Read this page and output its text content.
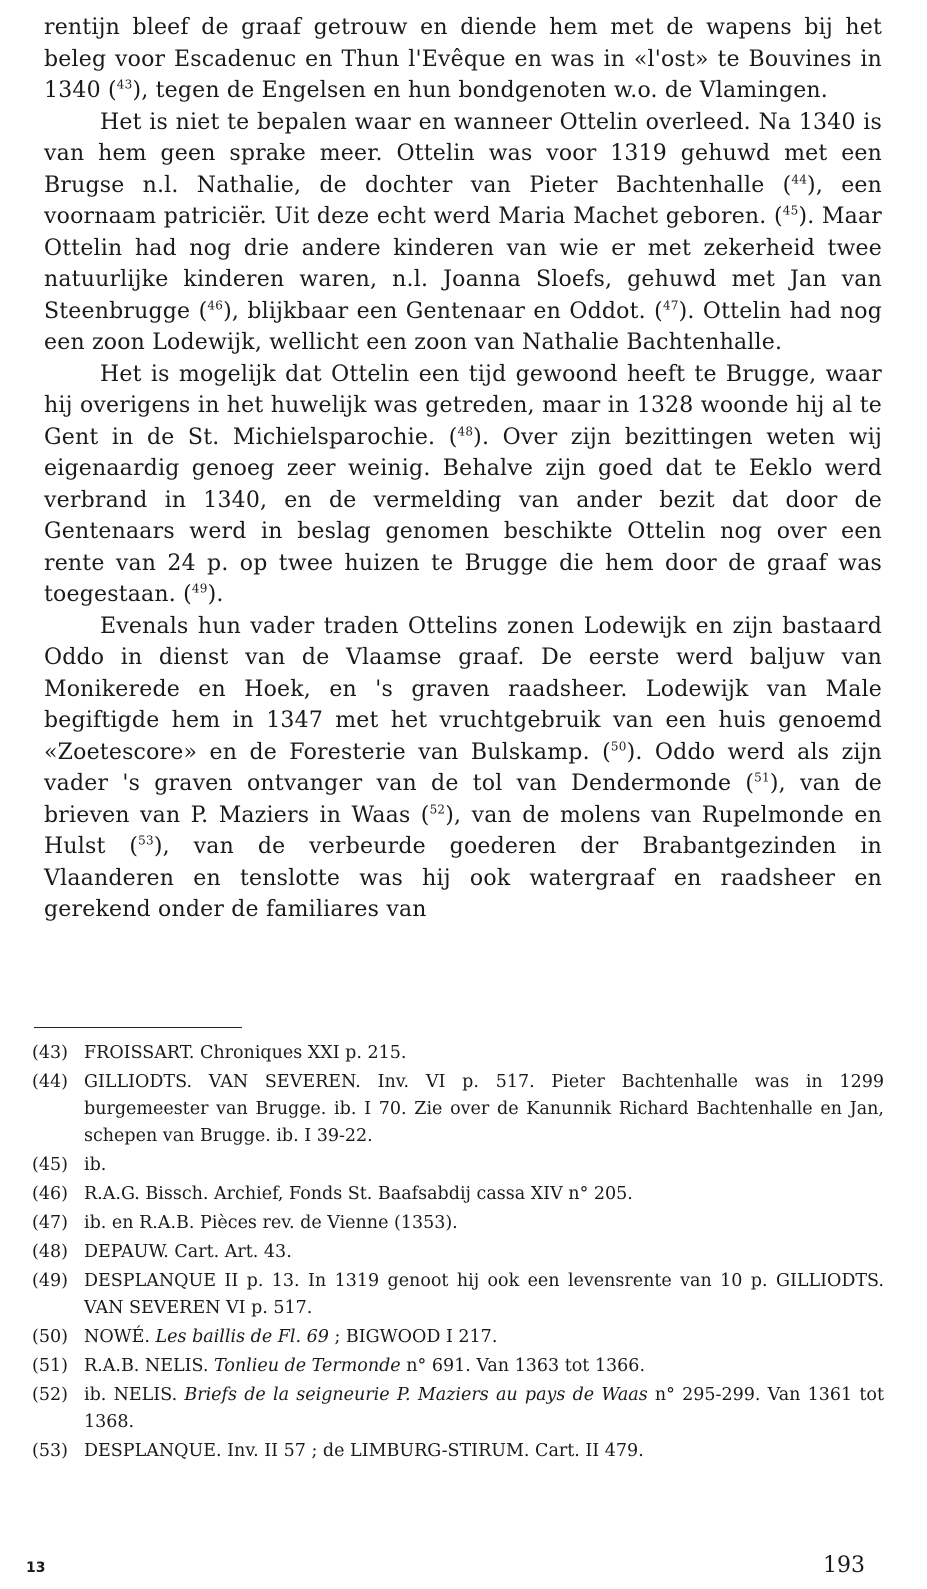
rentijn bleef de graaf getrouw en diende hem met de wapens bij het beleg voor Escadenuc en Thun l'Evêque en was in «l'ost» te Bouvines in 1340 ($^{43}$), tegen de Engelsen en hun bondgenoten w.o. de Vlamingen.

Het is niet te bepalen waar en wanneer Ottelin overleed. Na 1340 is van hem geen sprake meer. Ottelin was voor 1319 gehuwd met een Brugse n.l. Nathalie, de dochter van Pieter Bachtenhalle ($^{44}$), een voornaam patriciër. Uit deze echt werd Maria Machet geboren. ($^{45}$). Maar Ottelin had nog drie andere kinderen van wie er met zekerheid twee natuurlijke kinderen waren, n.l. Joanna Sloefs, gehuwd met Jan van Steenbrugge ($^{46}$), blijkbaar een Gentenaar en Oddot. ($^{47}$). Ottelin had nog een zoon Lodewijk, wellicht een zoon van Nathalie Bachtenhalle.

Het is mogelijk dat Ottelin een tijd gewoond heeft te Brugge, waar hij overigens in het huwelijk was getreden, maar in 1328 woonde hij al te Gent in de St. Michielsparochie. ($^{48}$). Over zijn bezittingen weten wij eigenaardig genoeg zeer weinig. Behalve zijn goed dat te Eeklo werd verbrand in 1340, en de vermelding van ander bezit dat door de Gentenaars werd in beslag genomen beschikte Ottelin nog over een rente van 24 p. op twee huizen te Brugge die hem door de graaf was toegestaan. ($^{49}$).

Evenals hun vader traden Ottelins zonen Lodewijk en zijn bastaard Oddo in dienst van de Vlaamse graaf. De eerste werd baljuw van Monikerede en Hoek, en 's graven raadsheer. Lodewijk van Male begiftigde hem in 1347 met het vruchtgebruik van een huis genoemd «Zoetescore» en de Foresterie van Bulskamp. ($^{50}$). Oddo werd als zijn vader 's graven ontvanger van de tol van Dendermonde ($^{51}$), van de brieven van P. Maziers in Waas ($^{52}$), van de molens van Rupelmonde en Hulst ($^{53}$), van de verbeurde goederen der Brabantgezinden in Vlaanderen en tenslotte was hij ook watergraaf en raadsheer en gerekend onder de familiares van

(43) FROISSART. Chroniques XXI p. 215.
(44) GILLIODTS. VAN SEVEREN. Inv. VI p. 517. Pieter Bachtenhalle was in 1299 burgemeester van Brugge. ib. I 70. Zie over de Kanunnik Richard Bachtenhalle en Jan, schepen van Brugge. ib. I 39-22.
(45) ib.
(46) R.A.G. Bissch. Archief, Fonds St. Baafsabdij cassa XIV n° 205.
(47) ib. en R.A.B. Pièces rev. de Vienne (1353).
(48) DEPAUW. Cart. Art. 43.
(49) DESPLANQUE II p. 13. In 1319 genoot hij ook een levensrente van 10 p. GILLIODTS. VAN SEVEREN VI p. 517.
(50) NOWÉ. Les baillis de Fl. 69 ; BIGWOOD I 217.
(51) R.A.B. NELIS. Tonlieu de Termonde n° 691. Van 1363 tot 1366.
(52) ib. NELIS. Briefs de la seigneurie P. Maziers au pays de Waas n° 295-299. Van 1361 tot 1368.
(53) DESPLANQUE. Inv. II 57 ; de LIMBURG-STIRUM. Cart. II 479.
13	193
